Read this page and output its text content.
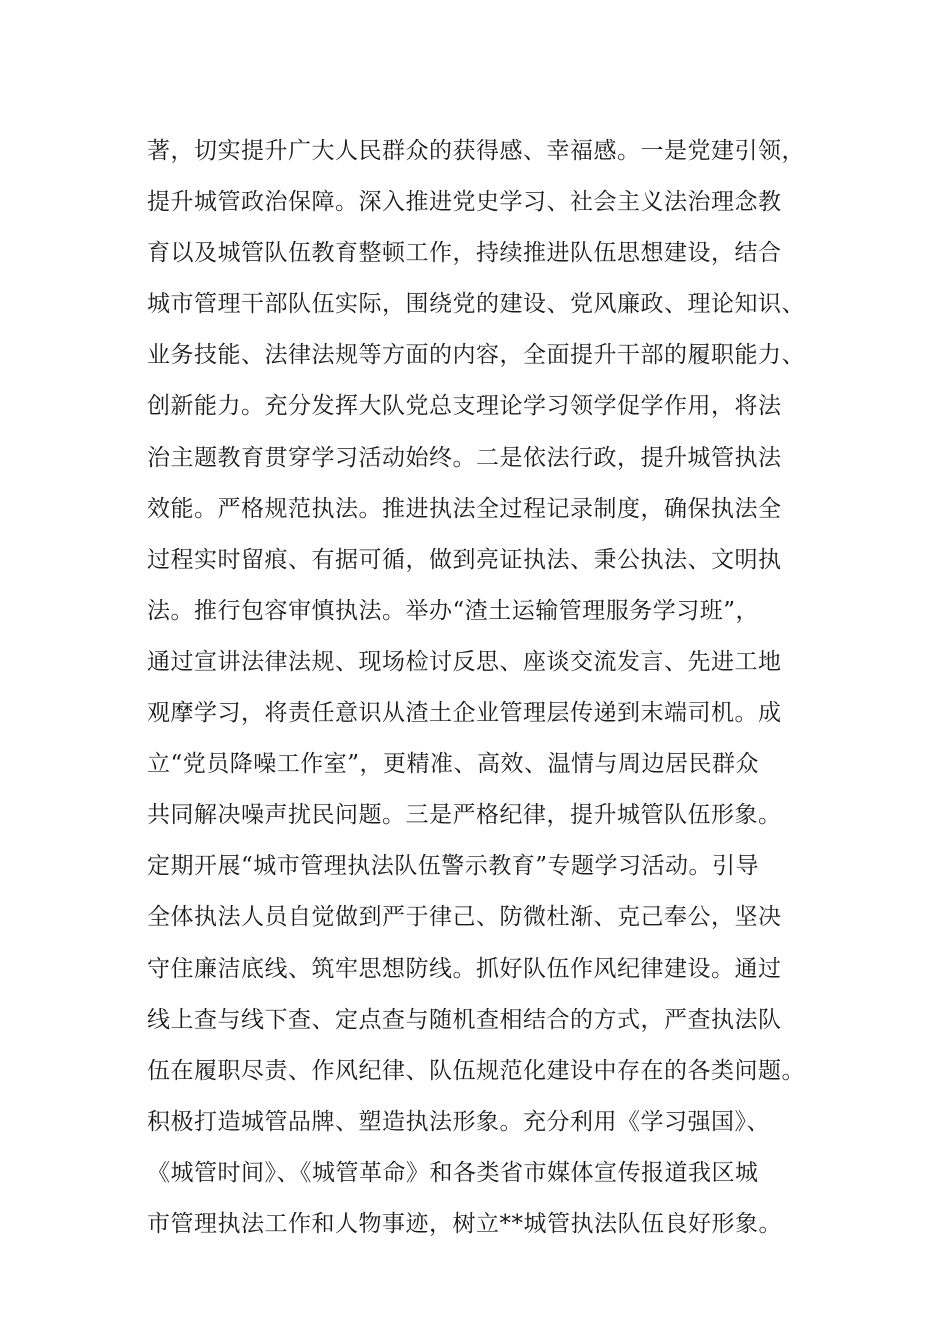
著，切实提升广大人民群众的获得感、幸福感。一是党建引领，
提升城管政治保障。深入推进党史学习、社会主义法治理念教
育以及城管队伍教育整顿工作，持续推进队伍思想建设，结合
城市管理干部队伍实际，围绕党的建设、党风廉政、理论知识、
业务技能、法律法规等方面的内容，全面提升干部的履职能力、
创新能力。充分发挥大队党总支理论学习领学促学作用，将法
治主题教育贯穿学习活动始终。二是依法行政，提升城管执法
效能。严格规范执法。推进执法全过程记录制度，确保执法全
过程实时留痕、有据可循，做到亮证执法、秉公执法、文明执
法。推行包容审慎执法。举办“渣土运输管理服务学习班”，
通过宣讲法律法规、现场检讨反思、座谈交流发言、先进工地
观摩学习，将责任意识从渣土企业管理层传递到末端司机。成
立“党员降噪工作室”，更精准、高效、温情与周边居民群众
共同解决噪声扰民问题。三是严格纪律，提升城管队伍形象。
定期开展“城市管理执法队伍警示教育”专题学习活动。引导
全体执法人员自觉做到严于律己、防微杜渐、克己奉公，坚决
守住廉洁底线、筑牢思想防线。抓好队伍作风纪律建设。通过
线上查与线下查、定点查与随机查相结合的方式，严查执法队
伍在履职尽责、作风纪律、队伍规范化建设中存在的各类问题。
积极打造城管品牌、塑造执法形象。充分利用《学习强国》、
《城管时间》、《城管革命》和各类省市媒体宣传报道我区城
市管理执法工作和人物事迹，树立**城管执法队伍良好形象。
